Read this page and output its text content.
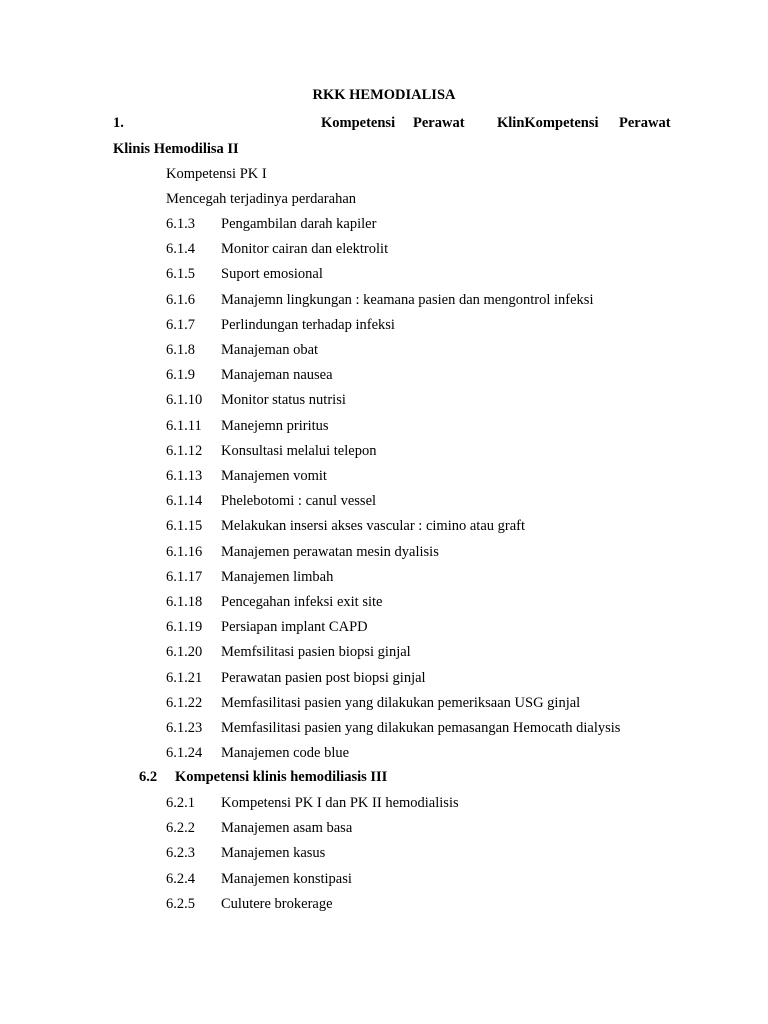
RKK HEMODIALISA
1.	Kompetensi Perawat KlinKompetensi Perawat
Klinis Hemodilisa II
Kompetensi PK I
Mencegah terjadinya perdarahan
6.1.3 Pengambilan darah kapiler
6.1.4 Monitor cairan dan elektrolit
6.1.5 Suport emosional
6.1.6 Manajemn lingkungan : keamana pasien dan mengontrol infeksi
6.1.7 Perlindungan terhadap infeksi
6.1.8 Manajeman obat
6.1.9 Manajeman nausea
6.1.10 Monitor status nutrisi
6.1.11 Manejemn priritus
6.1.12 Konsultasi melalui telepon
6.1.13 Manajemen vomit
6.1.14 Phelebotomi : canul vessel
6.1.15 Melakukan insersi akses vascular : cimino atau graft
6.1.16 Manajemen perawatan mesin dyalisis
6.1.17 Manajemen limbah
6.1.18 Pencegahan infeksi exit site
6.1.19 Persiapan implant CAPD
6.1.20 Memfsilitasi pasien biopsi ginjal
6.1.21 Perawatan pasien post biopsi ginjal
6.1.22 Memfasilitasi pasien yang dilakukan pemeriksaan USG ginjal
6.1.23 Memfasilitasi pasien yang dilakukan pemasangan Hemocath dialysis
6.1.24 Manajemen code blue
6.2 Kompetensi klinis hemodiliasis III
6.2.1 Kompetensi PK I dan PK II hemodialisis
6.2.2 Manajemen asam basa
6.2.3 Manajemen kasus
6.2.4 Manajemen konstipasi
6.2.5 Culutere brokerage
